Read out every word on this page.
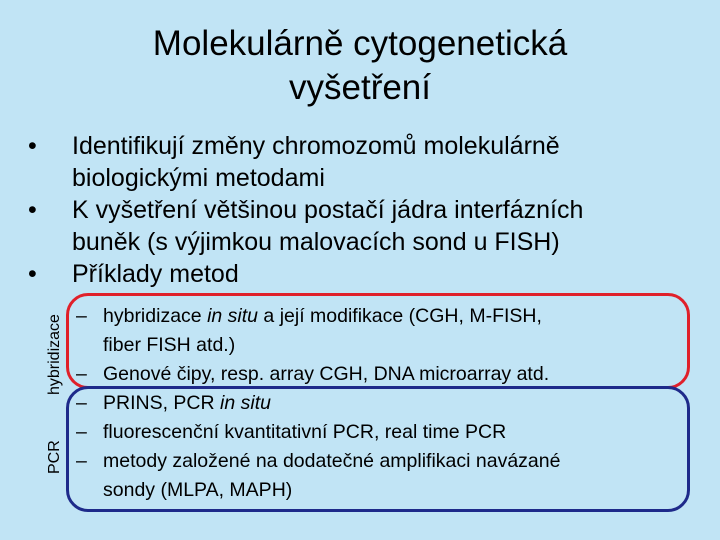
Molekulárně cytogenetická
vyšetření
• Identifikují změny chromozomů molekulárně
biologickými metodami
• K vyšetření většinou postačí jádra interfázních
buněk (s výjimkou malovacích sond u FISH)
• Příklady metod
hybridizace
PCR
– hybridizace in situ a její modifikace (CGH, M-FISH,
fiber FISH atd.)
– Genové čipy, resp. array CGH, DNA microarray atd.
– PRINS, PCR in situ
– fluorescenční kvantitativní PCR, real time PCR
– metody založené na dodatečné amplifikaci navázané
sondy (MLPA, MAPH)
